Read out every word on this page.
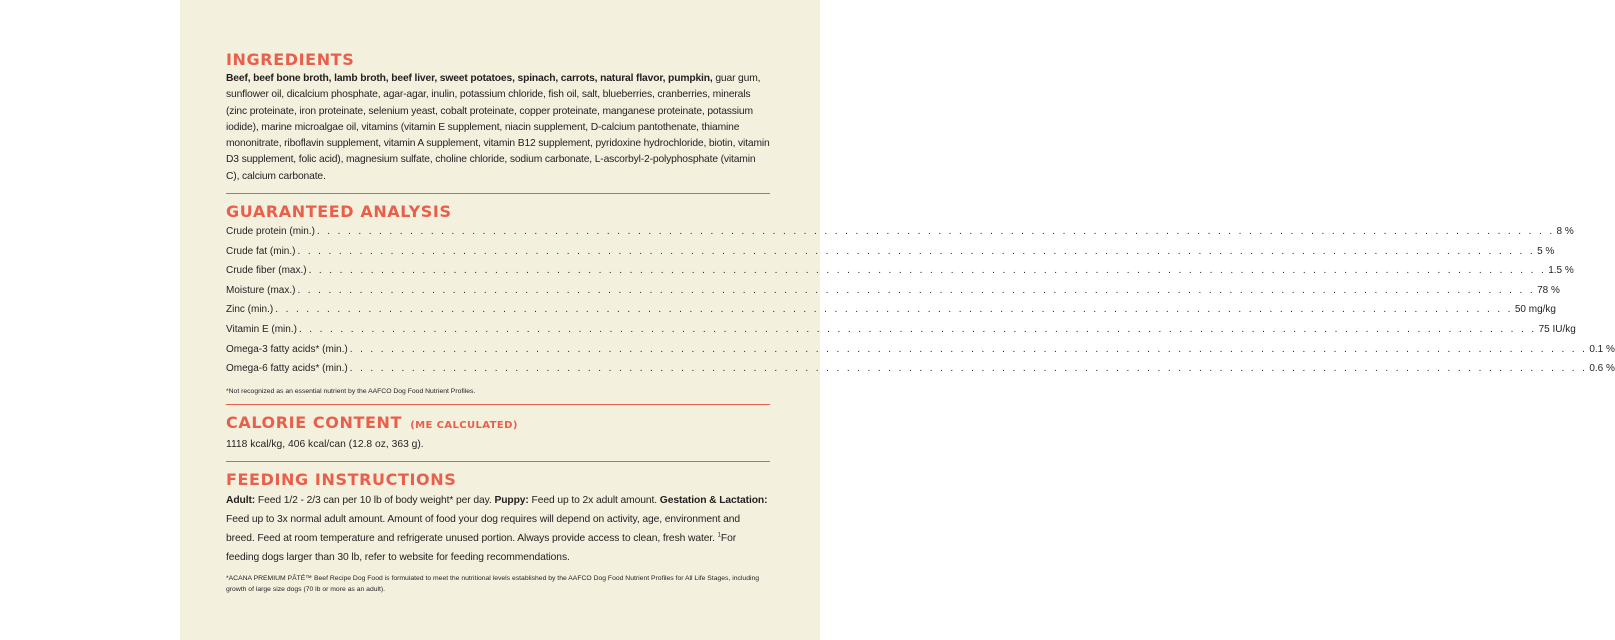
INGREDIENTS

Beef, beef bone broth, lamb broth, beef liver, sweet potatoes, spinach, carrots, natural flavor, pumpkin, guar gum, sunflower oil, dicalcium phosphate, agar-agar, inulin, potassium chloride, fish oil, salt, blueberries, cranberries, minerals (zinc proteinate, iron proteinate, selenium yeast, cobalt proteinate, copper proteinate, manganese proteinate, potassium iodide), marine microalgae oil, vitamins (vitamin E supplement, niacin supplement, D-calcium pantothenate, thiamine mononitrate, riboflavin supplement, vitamin A supplement, vitamin B12 supplement, pyridoxine hydrochloride, biotin, vitamin D3 supplement, folic acid), magnesium sulfate, choline chloride, sodium carbonate, L-ascorbyl-2-polyphosphate (vitamin C), calcium carbonate.

GUARANTEED ANALYSIS
Crude protein (min.) . . . . . . . . . . . . . . . . . . . . . . . . . . . . . . . . . . . . . . . . . . . . . . . . . . . . . . . . . . . . . . . . . . . . . . . . . . . . . . . . . . . . . . . . . . . . . . . . . . . . . . . . . . . . . . . . . . . . . . . . 8 %
Crude fat (min.) . . . . . . . . . . . . . . . . . . . . . . . . . . . . . . . . . . . . . . . . . . . . . . . . . . . . . . . . . . . . . . . . . . . . . . . . . . . . . . . . . . . . . . . . . . . . . . . . . . . . . . . . . . . . . . . . . . . . . . . . 5 %
Crude fiber (max.) . . . . . . . . . . . . . . . . . . . . . . . . . . . . . . . . . . . . . . . . . . . . . . . . . . . . . . . . . . . . . . . . . . . . . . . . . . . . . . . . . . . . . . . . . . . . . . . . . . . . . . . . . . . . . . . . . . . . . . . . 1.5 %
Moisture (max.) . . . . . . . . . . . . . . . . . . . . . . . . . . . . . . . . . . . . . . . . . . . . . . . . . . . . . . . . . . . . . . . . . . . . . . . . . . . . . . . . . . . . . . . . . . . . . . . . . . . . . . . . . . . . . . . . . . . . . . . . 78 %
Zinc (min.) . . . . . . . . . . . . . . . . . . . . . . . . . . . . . . . . . . . . . . . . . . . . . . . . . . . . . . . . . . . . . . . . . . . . . . . . . . . . . . . . . . . . . . . . . . . . . . . . . . . . . . . . . . . . . . . . . . . . . . . . 50 mg/kg
Vitamin E (min.) . . . . . . . . . . . . . . . . . . . . . . . . . . . . . . . . . . . . . . . . . . . . . . . . . . . . . . . . . . . . . . . . . . . . . . . . . . . . . . . . . . . . . . . . . . . . . . . . . . . . . . . . . . . . . . . . . . . . . . . . 75 IU/kg
Omega-3 fatty acids* (min.) . . . . . . . . . . . . . . . . . . . . . . . . . . . . . . . . . . . . . . . . . . . . . . . . . . . . . . . . . . . . . . . . . . . . . . . . . . . . . . . . . . . . . . . . . . . . . . . . . . . . . . . . . . . . . . . . . . . . . . . . 0.1 %
Omega-6 fatty acids* (min.) . . . . . . . . . . . . . . . . . . . . . . . . . . . . . . . . . . . . . . . . . . . . . . . . . . . . . . . . . . . . . . . . . . . . . . . . . . . . . . . . . . . . . . . . . . . . . . . . . . . . . . . . . . . . . . . . . . . . . . . . 0.6 %

*Not recognized as an essential nutrient by the AAFCO Dog Food Nutrient Profiles.

CALORIE CONTENT (ME CALCULATED)

1118 kcal/kg, 406 kcal/can (12.8 oz, 363 g).

FEEDING INSTRUCTIONS

Adult: Feed 1/2 - 2/3 can per 10 lb of body weight* per day. Puppy: Feed up to 2x adult amount. Gestation & Lactation: Feed up to 3x normal adult amount. Amount of food your dog requires will depend on activity, age, environment and breed. Feed at room temperature and refrigerate unused portion. Always provide access to clean, fresh water. $^1$For feeding dogs larger than 30 lb, refer to website for feeding recommendations.

*ACANA PREMIUM PÂTÉ™ Beef Recipe Dog Food is formulated to meet the nutritional levels established by the AAFCO Dog Food Nutrient Profiles for All Life Stages, including growth of large size dogs (70 lb or more as an adult).
